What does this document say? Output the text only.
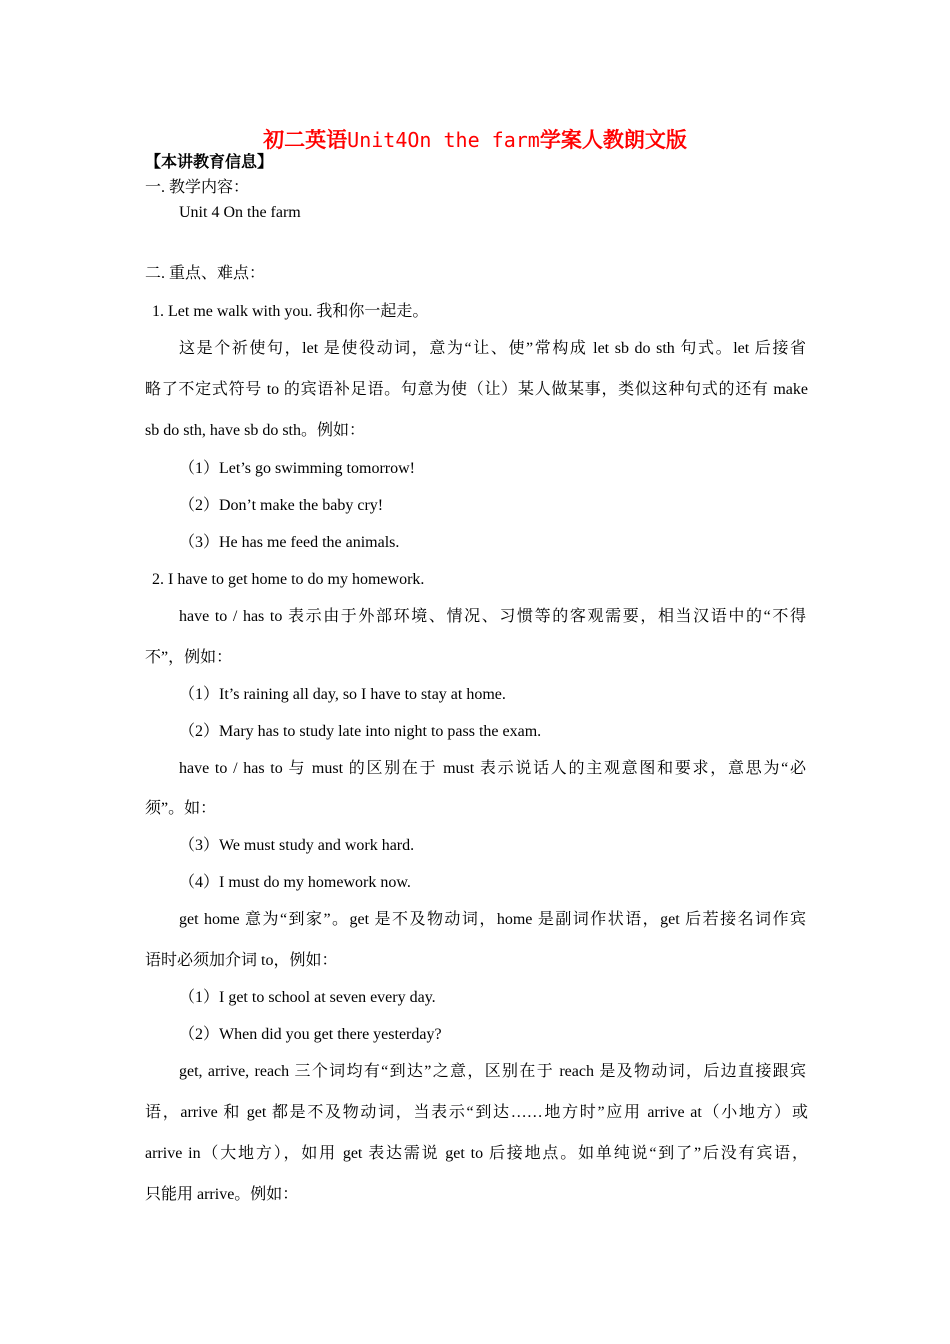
初二英语Unit4On the farm学案人教朗文版
【本讲教育信息】
一. 教学内容：
Unit 4 On the farm
二. 重点、难点：
1. Let me walk with you. 我和你一起走。
这是个祈使句，let 是使役动词，意为“让、使”常构成 let sb do sth 句式。let 后接省
略了不定式符号 to 的宾语补足语。句意为使（让）某人做某事，类似这种句式的还有 make
sb do sth, have sb do sth。例如：
（1）Let’s go swimming tomorrow!
（2）Don’t make the baby cry!
（3）He has me feed the animals.
2. I have to get home to do my homework.
have to / has to 表示由于外部环境、情况、习惯等的客观需要，相当汉语中的“不得
不”，例如：
（1）It’s raining all day, so I have to stay at home.
（2）Mary has to study late into night to pass the exam.
have to / has to 与 must 的区别在于 must 表示说话人的主观意图和要求，意思为“必
须”。如：
（3）We must study and work hard.
（4）I must do my homework now.
get home 意为“到家”。get 是不及物动词，home 是副词作状语，get 后若接名词作宾
语时必须加介词 to，例如：
（1）I get to school at seven every day.
（2）When did you get there yesterday?
get, arrive, reach 三个词均有“到达”之意，区别在于 reach 是及物动词，后边直接跟宾
语，arrive 和 get 都是不及物动词，当表示“到达……地方时”应用 arrive at（小地方）或
arrive in（大地方），如用 get 表达需说 get to 后接地点。如单纯说“到了”后没有宾语，
只能用 arrive。例如：
